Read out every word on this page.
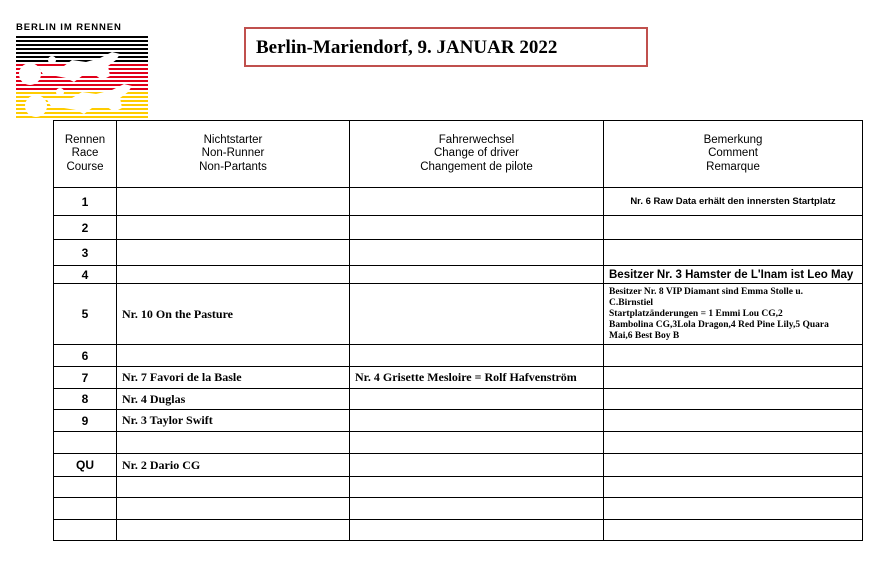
BERLIN IM RENNEN
Berlin-Mariendorf, 9. JANUAR 2022
Rennen
Race
Course	Nichtstarter
Non-Runner
Non-Partants	Fahrerwechsel
Change of driver
Changement de pilote	Bemerkung
Comment
Remarque

1			Nr. 6 Raw Data erhält den innersten Startplatz
2			
3			
4			Besitzer Nr. 3 Hamster de L'Inam ist Leo May
5	Nr. 10 On the Pasture		Besitzer Nr. 8 VIP Diamant sind Emma Stolle u.
C.Birnstiel
Startplatzänderungen = 1 Emmi Lou CG,2
Bambolina CG,3Lola Dragon,4 Red Pine Lily,5 Quara
Mai,6 Best Boy B

6			
7	Nr. 7 Favori de la Basle	Nr. 4 Grisette Mesloire = Rolf Hafvenström	
8	Nr. 4 Duglas		
9	Nr. 3 Taylor Swift		

QU	Nr. 2 Dario CG		
